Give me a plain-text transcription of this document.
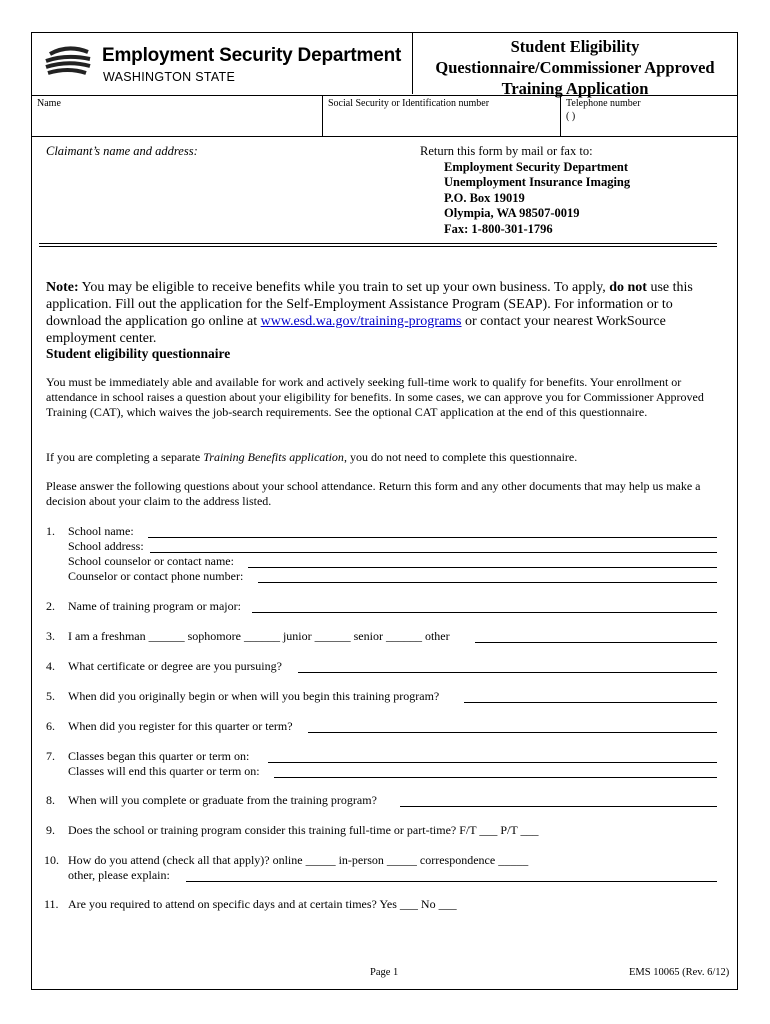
Employment Security Department
WASHINGTON STATE
Student Eligibility
Questionnaire/Commissioner Approved
Training Application
Name	Social Security or Identification number	Telephone number
( )
Claimant’s name and address:	Return this form by mail or fax to:
Employment Security Department
Unemployment Insurance Imaging
P.O. Box 19019
Olympia, WA 98507-0019
Fax: 1-800-301-1796
Note: You may be eligible to receive benefits while you train to set up your own business. To apply, do not use this application. Fill out the application for the Self-Employment Assistance Program (SEAP). For information or to download the application go online at www.esd.wa.gov/training-programs or contact your nearest WorkSource employment center.
Student eligibility questionnaire
You must be immediately able and available for work and actively seeking full-time work to qualify for benefits. Your enrollment or attendance in school raises a question about your eligibility for benefits. In some cases, we can approve you for Commissioner Approved Training (CAT), which waives the job-search requirements. See the optional CAT application at the end of this questionnaire.
If you are completing a separate Training Benefits application, you do not need to complete this questionnaire.
Please answer the following questions about your school attendance. Return this form and any other documents that may help us make a decision about your claim to the address listed.
1. School name:
School address:
School counselor or contact name:
Counselor or contact phone number:
2. Name of training program or major:
3. I am a freshman ______ sophomore ______ junior ______ senior ______ other
4. What certificate or degree are you pursuing?
5. When did you originally begin or when will you begin this training program?
6. When did you register for this quarter or term?
7. Classes began this quarter or term on:
Classes will end this quarter or term on:
8. When will you complete or graduate from the training program?
9. Does the school or training program consider this training full-time or part-time? F/T ___ P/T ___
10. How do you attend (check all that apply)? online _____ in-person _____ correspondence _____
other, please explain:
11. Are you required to attend on specific days and at certain times? Yes ___ No ___
Page 1	EMS 10065 (Rev. 6/12)
